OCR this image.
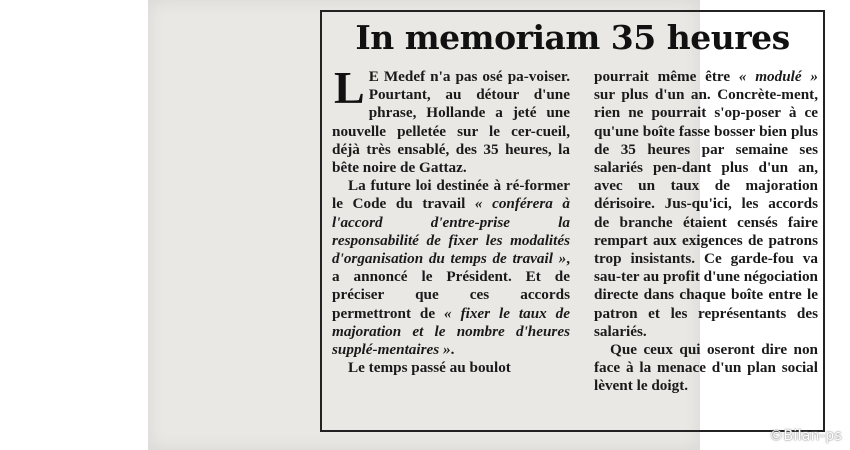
In memoriam 35 heures

L E Medef n'a pas osé pa-voiser. Pourtant, au détour d'une phrase, Hollande a jeté une nouvelle pelletée sur le cer-cueil, déjà très ensablé, des 35 heures, la bête noire de Gattaz.

La future loi destinée à ré-former le Code du travail « conférera à l'accord d'entre-prise la responsabilité de fixer les modalités d'organisation du temps de travail », a annoncé le Président. Et de préciser que ces accords permettront de « fixer le taux de majoration et le nombre d'heures supplé-mentaires ».

Le temps passé au boulot

pourrait même être « modulé » sur plus d'un an. Concrète-ment, rien ne pourrait s'op-poser à ce qu'une boîte fasse bosser bien plus de 35 heures par semaine ses salariés pen-dant plus d'un an, avec un taux de majoration dérisoire. Jus-qu'ici, les accords de branche étaient censés faire rempart aux exigences de patrons trop insistants. Ce garde-fou va sau-ter au profit d'une négociation directe dans chaque boîte entre le patron et les représentants des salariés.

Que ceux qui oseront dire non face à la menace d'un plan social lèvent le doigt.

©Bilan-ps
